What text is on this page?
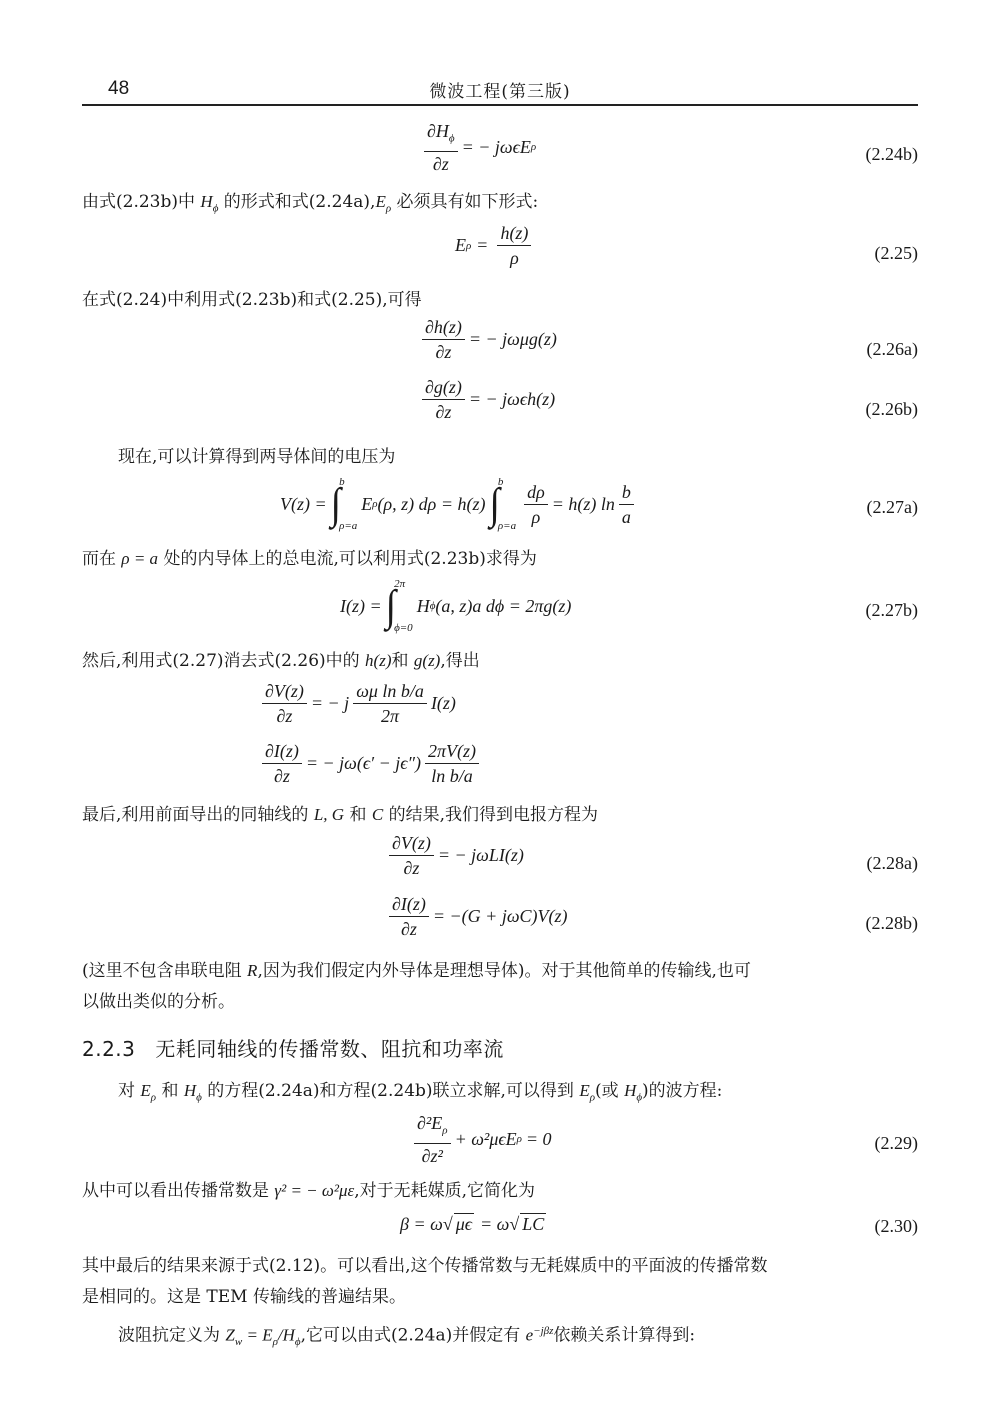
48	微波工程(第三版)
$\frac{\partial H_\phi}{\partial z}$ = − jωϵE ρ	(2.24b)
由式(2.23b)中 $H_\phi$ 的形式和式$(2.24a),E_\rho$ 必须具有如下形式:
E $\rho = \frac{h(z)}{\rho}$	(2.25)
在式(2.24)中利用式(2.23b)和式(2.25),可得
$\frac{\partial h(z)}{\partial z}$ = − jωμg(z)	(2.26a)
$\frac{\partial g(z)}{\partial z}$ = − jωϵh(z)	(2.26b)
现在,可以计算得到两导体间的电压为
V(z) = ∫
b
ρ=a
E ρ (ρ, z) dρ = h(z) ∫
b
$\rho=a \frac{d\rho}{\rho} = h(z)$ $\ln \frac{b}{a}$	(2.27a)
而在 ρ = a 处的内导体上的总电流,可以利用式(2.23b)求得为
I(z) = ∫
2π
ϕ=0
H ϕ (a, z)a dϕ = 2πg(z)	(2.27b)
然后,利用式(2.27)消去式(2.26)中的 h(z)和 g(z),得出
$\frac{\partial V(z)}{\partial z}$ = − j $\frac{\text{ωμ ln b/a}}{2\pi} I(z)$
$\frac{\partial I(z)}{\partial z}$ = − $j\omega(\epsilon' - j\epsilon'') \frac{2\pi V(z)}{\text{ln b/a}}$
最后,利用前面导出的同轴线的 L, G 和 C 的结果,我们得到电报方程为
$\frac{\partial V(z)}{\partial z}$ = − jωLI(z)	(2.28a)
$\frac{\partial I(z)}{\partial z} = -(G + j\omega C)V(z)$	(2.28b)
(这里不包含串联电阻 R,因为我们假定内外导体是理想导体)。对于其他简单的传输线,也可
以做出类似的分析。
2.2.3 无耗同轴线的传播常数、阻抗和功率流
对 $E_\rho$ 和 $H_\phi$ 的方程(2.24a)和方程(2.24b)联立求解,可以得到 $E_\rho$(或 $H_\phi$)的波方程:
$\frac{\partial^2E_\rho}{\text{∂z²}} + \omega^2\mu\epsilon E$ ρ = 0	(2.29)
从中可以看出传播常数是 γ² = − ω²με,对于无耗媒质,它简化为
β = ω √ μϵ = ω √ LC	(2.30)
其中最后的结果来源于式(2.12)。可以看出,这个传播常数与无耗媒质中的平面波的传播常数
是相同的。这是 TEM 传输线的普遍结果。
波阻抗定义为 $Z_w = E_\rho/H_\phi$,它可以由式(2.24a)并假定有 $e^{-j\beta z}$依赖关系计算得到:
